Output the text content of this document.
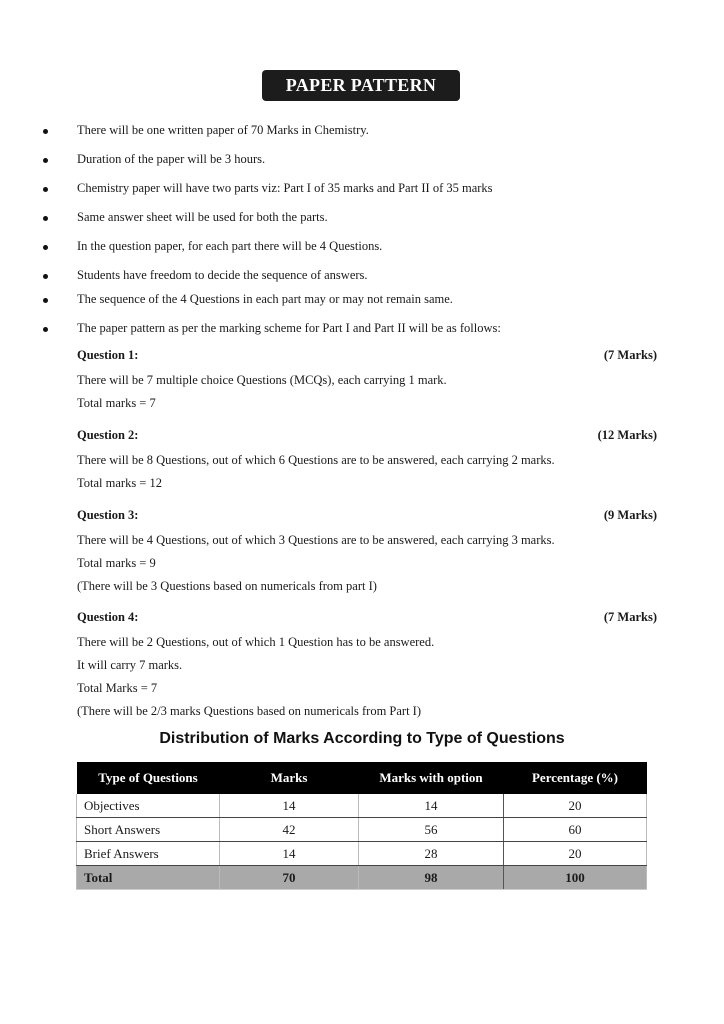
PAPER PATTERN
There will be one written paper of 70 Marks in Chemistry.
Duration of the paper will be 3 hours.
Chemistry paper will have two parts viz: Part I of 35 marks and Part II of 35 marks
Same answer sheet will be used for both the parts.
In the question paper, for each part there will be 4 Questions.
Students have freedom to decide the sequence of answers.
The sequence of the 4 Questions in each part may or may not remain same.
The paper pattern as per the marking scheme for Part I and Part II will be as follows:
Question 1:	(7 Marks)
There will be 7 multiple choice Questions (MCQs), each carrying 1 mark.
Total marks = 7
Question 2:	(12 Marks)
There will be 8 Questions, out of which 6 Questions are to be answered, each carrying 2 marks.
Total marks = 12
Question 3:	(9 Marks)
There will be 4 Questions, out of which 3 Questions are to be answered, each carrying 3 marks.
Total marks = 9
(There will be 3 Questions based on numericals from part I)
Question 4:	(7 Marks)
There will be 2 Questions, out of which 1 Question has to be answered.
It will carry 7 marks.
Total Marks = 7
(There will be 2/3 marks Questions based on numericals from Part I)
Distribution of Marks According to Type of Questions
Type of Questions	Marks	Marks with option	Percentage (%)
Objectives	14	14	20
Short Answers	42	56	60
Brief Answers	14	28	20
Total	70	98	100
